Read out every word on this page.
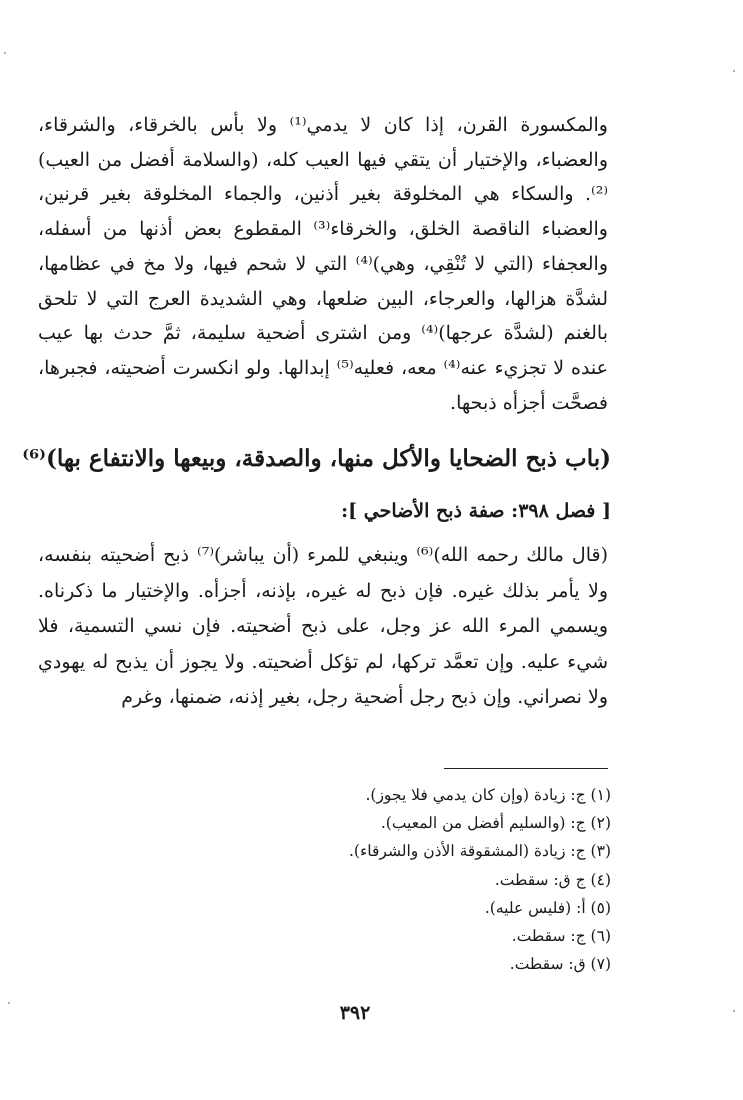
والمكسورة القرن، إذا كان لا يدمي⁽¹⁾ ولا بأس بالخرقاء، والشرقاء، والعضباء، والإختيار أن يتقي فيها العيب كله، (والسلامة أفضل من العيب)⁽²⁾. والسكاء هي المخلوقة بغير أذنين، والجماء المخلوقة بغير قرنين، والعضباء الناقصة الخلق، والخرقاء⁽³⁾ المقطوع بعض أذنها من أسفله، والعجفاء (التي لا تُنْقِي، وهي)⁽⁴⁾ التي لا شحم فيها، ولا مخ في عظامها، لشدَّة هزالها، والعرجاء، البين ضلعها، وهي الشديدة العرج التي لا تلحق بالغنم (لشدَّة عرجها)⁽⁴⁾ ومن اشترى أضحية سليمة، ثمَّ حدث بها عيب عنده لا تجزيء عنه⁽⁴⁾ معه، فعليه⁽⁵⁾ إبدالها. ولو انكسرت أضحيته، فجبرها، فصحَّت أجزأه ذبحها.

(باب ذبح الضحايا والأكل منها، والصدقة، وبيعها والانتفاع بها)⁽⁶⁾
[ فصل ٣٩٨: صفة ذبح الأضاحي ]:

(قال مالك رحمه الله)⁽⁶⁾ وينبغي للمرء (أن يباشر)⁽⁷⁾ ذبح أضحيته بنفسه، ولا يأمر بذلك غيره. فإن ذبح له غيره، بإذنه، أجزأه. والإختيار ما ذكرناه. ويسمي المرء الله عز وجل، على ذبح أضحيته. فإن نسي التسمية، فلا شيء عليه. وإن تعمَّد تركها، لم تؤكل أضحيته. ولا يجوز أن يذبح له يهودي ولا نصراني. وإن ذبح رجل أضحية رجل، بغير إذنه، ضمنها، وغرم

(١) ج: زيادة (وإن كان يدمي فلا يجوز).

(٢) ج: (والسليم أفضل من المعيب).

(٣) ج: زيادة (المشقوقة الأذن والشرقاء).

(٤) ج ق: سقطت.

(٥) أ: (فليس عليه).

(٦) ج: سقطت.

(٧) ق: سقطت.

٣٩٢
